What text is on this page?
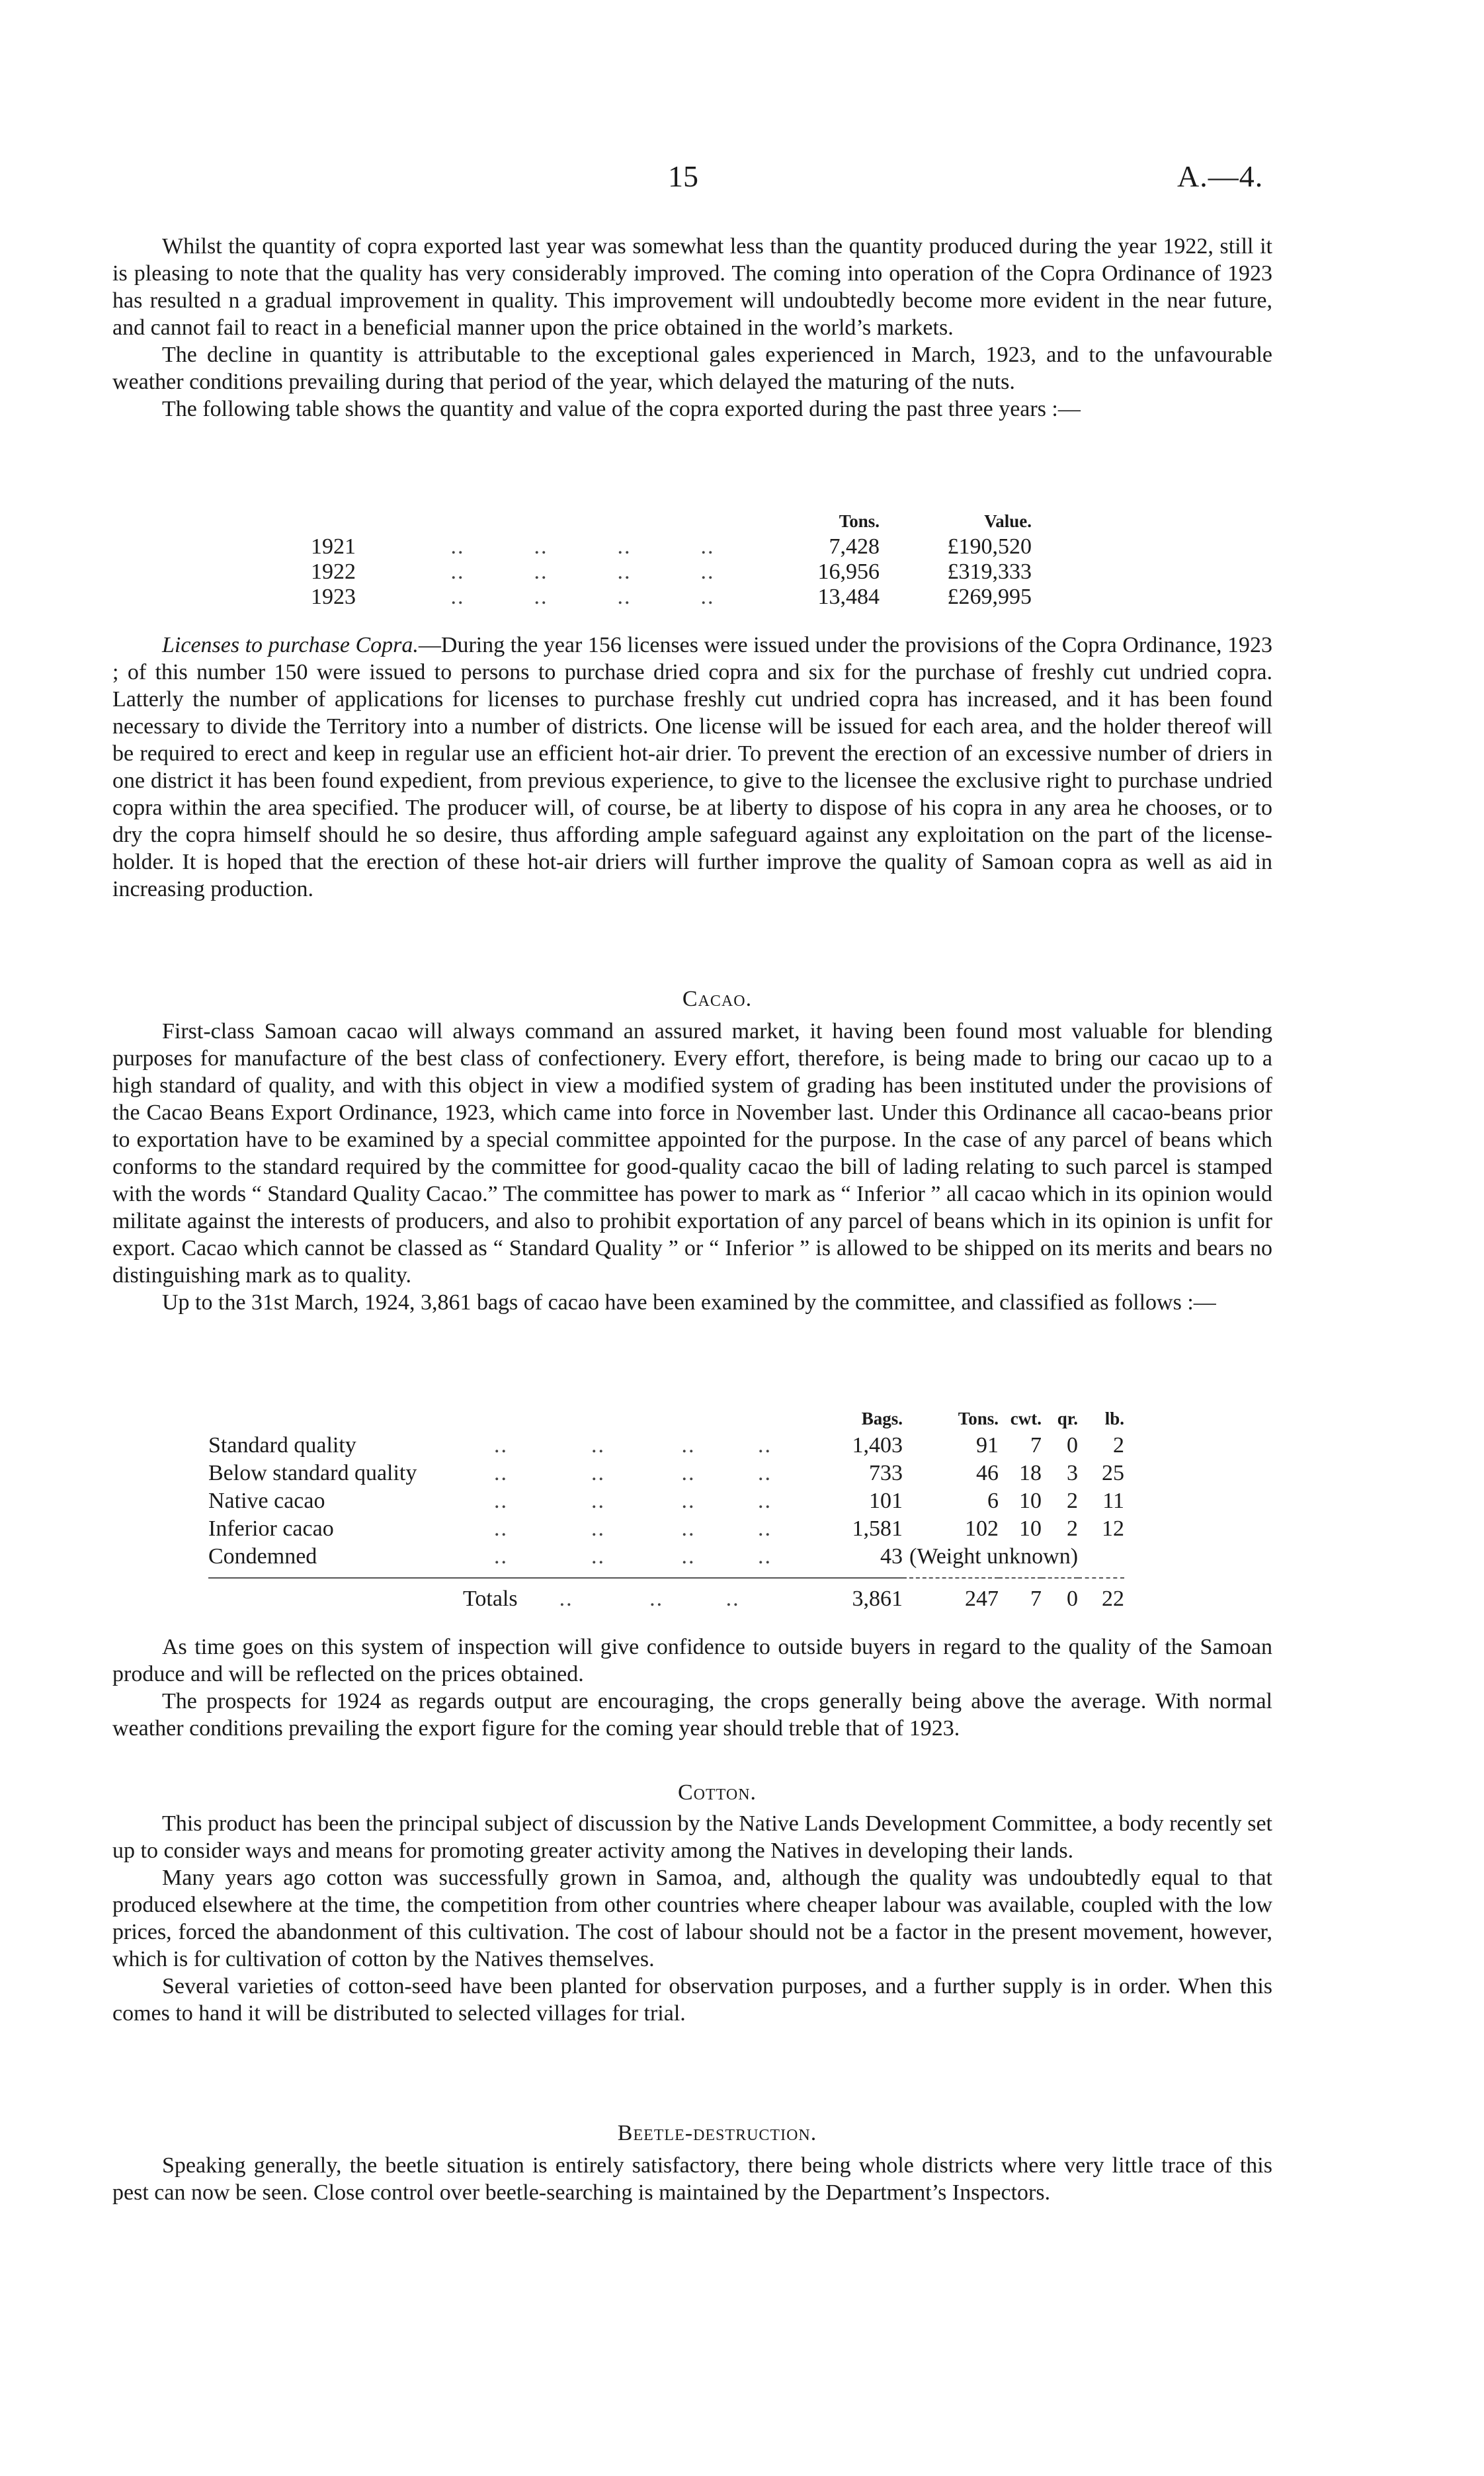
15	A.—4.

Whilst the quantity of copra exported last year was somewhat less than the quantity produced during the year 1922, still it is pleasing to note that the quality has very considerably improved. The coming into operation of the Copra Ordinance of 1923 has resulted n a gradual improvement in quality. This improvement will undoubtedly become more evident in the near future, and cannot fail to react in a beneficial manner upon the price obtained in the world’s markets.

The decline in quantity is attributable to the exceptional gales experienced in March, 1923, and to the unfavourable weather conditions prevailing during that period of the year, which delayed the maturing of the nuts.

The following table shows the quantity and value of the copra exported during the past three years :—

		Tons.	Value.
1921	..          ..          ..          ..	7,428	£190,520
1922	..          ..          ..          ..	16,956	£319,333
1923	..          ..          ..          ..	13,484	£269,995

Licenses to purchase Copra.—During the year 156 licenses were issued under the provisions of the Copra Ordinance, 1923 ; of this number 150 were issued to persons to purchase dried copra and six for the purchase of freshly cut undried copra. Latterly the number of applications for licenses to purchase freshly cut undried copra has increased, and it has been found necessary to divide the Territory into a number of districts. One license will be issued for each area, and the holder thereof will be required to erect and keep in regular use an efficient hot-air drier. To prevent the erection of an excessive number of driers in one district it has been found expedient, from previous experience, to give to the licensee the exclusive right to purchase undried copra within the area specified. The producer will, of course, be at liberty to dispose of his copra in any area he chooses, or to dry the copra himself should he so desire, thus affording ample safeguard against any exploitation on the part of the license-holder. It is hoped that the erection of these hot-air driers will further improve the quality of Samoan copra as well as aid in increasing production.

Cacao.

First-class Samoan cacao will always command an assured market, it having been found most valuable for blending purposes for manufacture of the best class of confectionery. Every effort, therefore, is being made to bring our cacao up to a high standard of quality, and with this object in view a modified system of grading has been instituted under the provisions of the Cacao Beans Export Ordinance, 1923, which came into force in November last. Under this Ordinance all cacao-beans prior to exportation have to be examined by a special committee appointed for the purpose. In the case of any parcel of beans which conforms to the standard required by the committee for good-quality cacao the bill of lading relating to such parcel is stamped with the words “ Standard Quality Cacao.” The committee has power to mark as “ Inferior ” all cacao which in its opinion would militate against the interests of producers, and also to prohibit exportation of any parcel of beans which in its opinion is unfit for export. Cacao which cannot be classed as “ Standard Quality ” or “ Inferior ” is allowed to be shipped on its merits and bears no distinguishing mark as to quality.

Up to the 31st March, 1924, 3,861 bags of cacao have been examined by the committee, and classified as follows :—

		Bags.	Tons.	cwt.	qr.	lb.
Standard quality	..            ..           ..         ..	1,403	91	7	0	2
Below standard quality	..            ..           ..         ..	733	46	18	3	25
Native cacao	..            ..           ..         ..	101	6	10	2	11
Inferior cacao	..            ..           ..         ..	1,581	102	10	2	12
Condemned	..            ..           ..         ..	43	(Weight unknown)			

Totals      ..           ..         ..		3,861	247	7	0	22

As time goes on this system of inspection will give confidence to outside buyers in regard to the quality of the Samoan produce and will be reflected on the prices obtained.

The prospects for 1924 as regards output are encouraging, the crops generally being above the average. With normal weather conditions prevailing the export figure for the coming year should treble that of 1923.

Cotton.

This product has been the principal subject of discussion by the Native Lands Development Committee, a body recently set up to consider ways and means for promoting greater activity among the Natives in developing their lands.

Many years ago cotton was successfully grown in Samoa, and, although the quality was undoubtedly equal to that produced elsewhere at the time, the competition from other countries where cheaper labour was available, coupled with the low prices, forced the abandonment of this cultivation. The cost of labour should not be a factor in the present movement, however, which is for cultivation of cotton by the Natives themselves.

Several varieties of cotton-seed have been planted for observation purposes, and a further supply is in order. When this comes to hand it will be distributed to selected villages for trial.

Beetle-destruction.

Speaking generally, the beetle situation is entirely satisfactory, there being whole districts where very little trace of this pest can now be seen. Close control over beetle-searching is maintained by the Department’s Inspectors.
